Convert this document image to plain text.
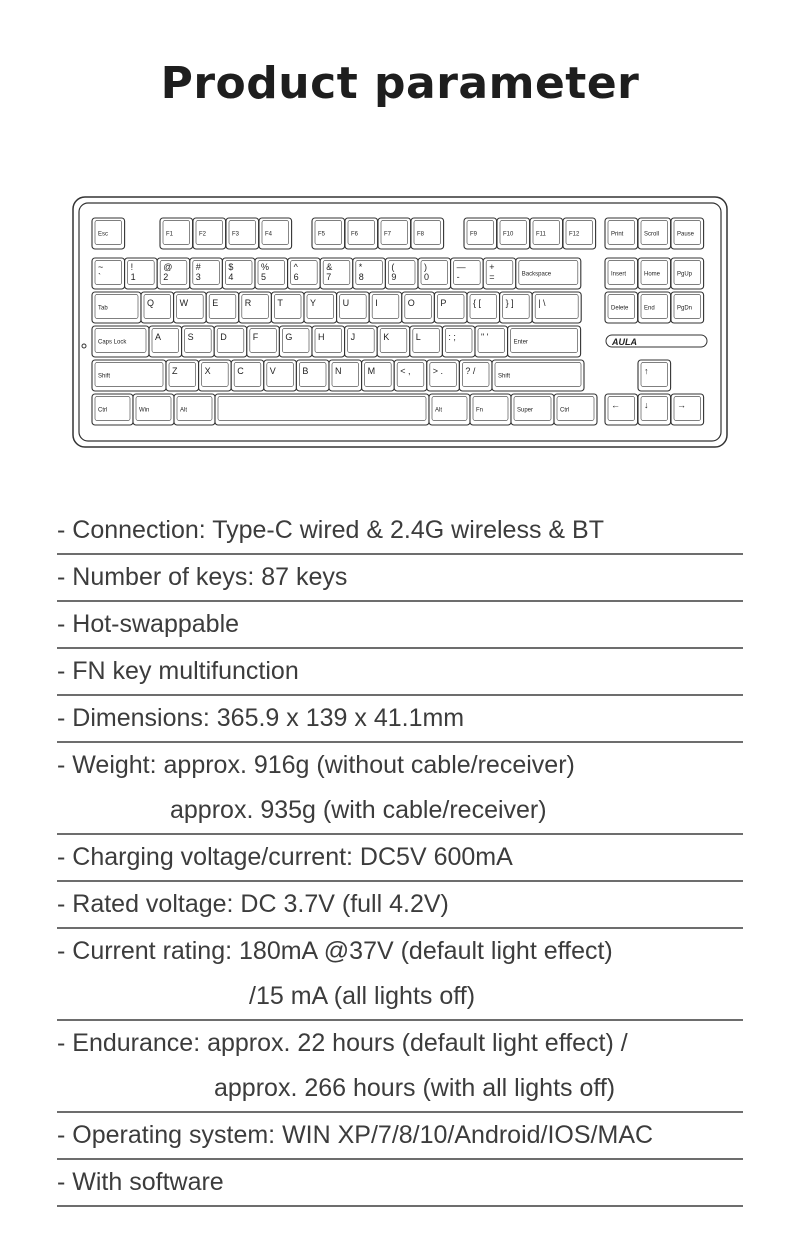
Product parameter
Esc	F1	F2	F3	F4	F5	F6	F7	F8	F9	F10	F11	F12	Print	Scroll	Pause
~
`
!
1
@
2
#
3
$
4
%
5
^
6
&
7
*
8
(
9
)
0
—
-
+
=	Backspace	Insert	Home	PgUp
Tab
Q	W	E	R	T	Y	U	I	O	P	{ [	} ]	| \
Delete	End	PgDn
Caps Lock
A	S	D	F	G	H	J	K	L	: ;	" '
Enter
Shift
Z	X	C	V	B	N	M	< , > . ? /
Shift
Ctrl	Win	Alt	Alt	Fn	Super	Ctrl
↑
←	↓	→
AULA
- Connection: Type-C wired & 2.4G wireless & BT
- Number of keys: 87 keys
- Hot-swappable
- FN key multifunction
- Dimensions: 365.9 x 139 x 41.1mm
- Weight: approx. 916g (without cable/receiver)
approx. 935g (with cable/receiver)
- Charging voltage/current: DC5V 600mA
- Rated voltage: DC 3.7V (full 4.2V)
- Current rating: 180mA @37V (default light effect)
/15 mA (all lights off)
- Endurance: approx. 22 hours (default light effect) /
approx. 266 hours (with all lights off)
- Operating system: WIN XP/7/8/10/Android/IOS/MAC
- With software
